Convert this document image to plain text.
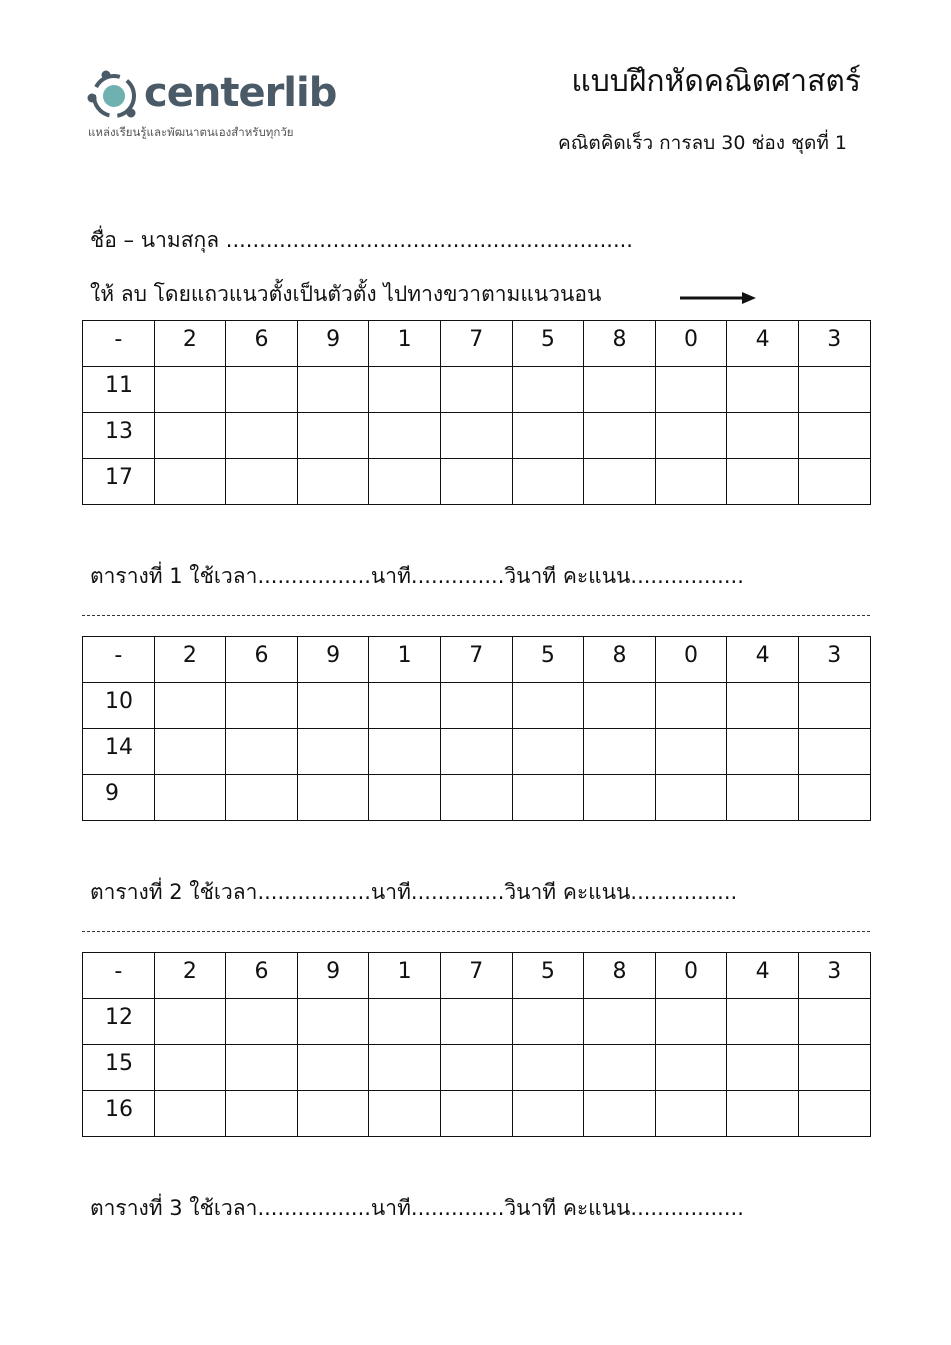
centerlib
แหล่งเรียนรู้และพัฒนาตนเองสำหรับทุกวัย
แบบฝึกหัดคณิตศาสตร์
คณิตคิดเร็ว การลบ 30 ช่อง ชุดที่ 1
ชื่อ – นามสกุล .............................................................
ให้ ลบ โดยแถวแนวตั้งเป็นตัวตั้ง ไปทางขวาตามแนวนอน
-	2	6	9	1	7	5	8	0	4	3
11										
13										
17										
ตารางที่ 1 ใช้เวลา.................นาที..............วินาที คะแนน.................
-	2	6	9	1	7	5	8	0	4	3
10										
14										
9										
ตารางที่ 2 ใช้เวลา.................นาที..............วินาที คะแนน................
-	2	6	9	1	7	5	8	0	4	3
12										
15										
16										
ตารางที่ 3 ใช้เวลา.................นาที..............วินาที คะแนน.................
